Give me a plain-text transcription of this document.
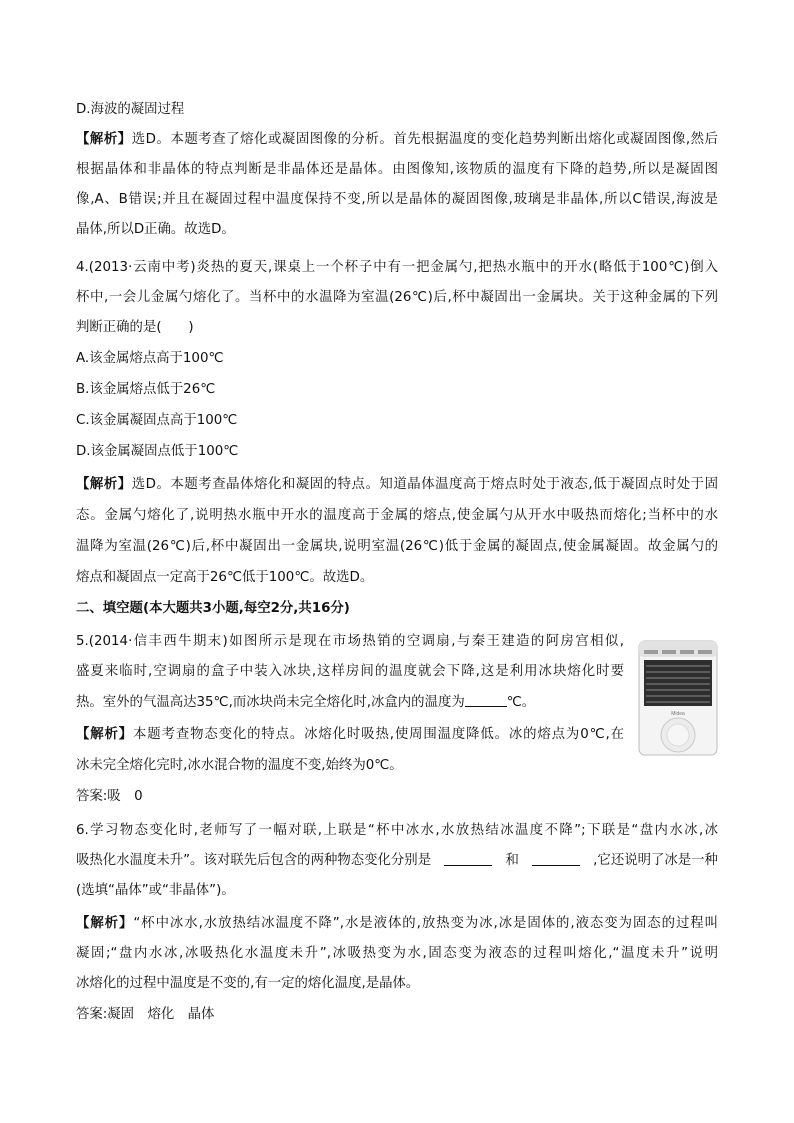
D.海波的凝固过程
【解析】选D。本题考查了熔化或凝固图像的分析。首先根据温度的变化趋势判断出熔化或凝固图像,然后
根据晶体和非晶体的特点判断是非晶体还是晶体。由图像知,该物质的温度有下降的趋势,所以是凝固图
像,A、B错误;并且在凝固过程中温度保持不变,所以是晶体的凝固图像,玻璃是非晶体,所以C错误,海波是
晶体,所以D正确。故选D。
4.(2013·云南中考)炎热的夏天,课桌上一个杯子中有一把金属勺,把热水瓶中的开水(略低于100℃)倒入
杯中,一会儿金属勺熔化了。当杯中的水温降为室温(26℃)后,杯中凝固出一金属块。关于这种金属的下列
判断正确的是(　　)
A.该金属熔点高于100℃
B.该金属熔点低于26℃
C.该金属凝固点高于100℃
D.该金属凝固点低于100℃
【解析】选D。本题考查晶体熔化和凝固的特点。知道晶体温度高于熔点时处于液态,低于凝固点时处于固
态。金属勺熔化了,说明热水瓶中开水的温度高于金属的熔点,使金属勺从开水中吸热而熔化;当杯中的水
温降为室温(26℃)后,杯中凝固出一金属块,说明室温(26℃)低于金属的凝固点,使金属凝固。故金属勺的
熔点和凝固点一定高于26℃低于100℃。故选D。
二、填空题(本大题共3小题,每空2分,共16分)
5.(2014·信丰西牛期末)如图所示是现在市场热销的空调扇,与秦王建造的阿房宫相似,
盛夏来临时,空调扇的盒子中装入冰块,这样房间的温度就会下降,这是利用冰块熔化时要
热。室外的气温高达35℃,而冰块尚未完全熔化时,冰盒内的温度为	℃。
【解析】本题考查物态变化的特点。冰熔化时吸热,使周围温度降低。冰的熔点为0℃,在
冰未完全熔化完时,冰水混合物的温度不变,始终为0℃。
答案:吸　0
Midea
6.学习物态变化时,老师写了一幅对联,上联是“杯中冰水,水放热结冰温度不降”;下联是“盘内水冰,冰
吸热化水温度未升”。该对联先后包含的两种物态变化分别是	和	,它还说明了冰是一种
(选填“晶体”或“非晶体”)。
【解析】“杯中冰水,水放热结冰温度不降”,水是液体的,放热变为冰,冰是固体的,液态变为固态的过程叫
凝固;“盘内水冰,冰吸热化水温度未升”,冰吸热变为水,固态变为液态的过程叫熔化,“温度未升”说明
冰熔化的过程中温度是不变的,有一定的熔化温度,是晶体。
答案:凝固　熔化　晶体
